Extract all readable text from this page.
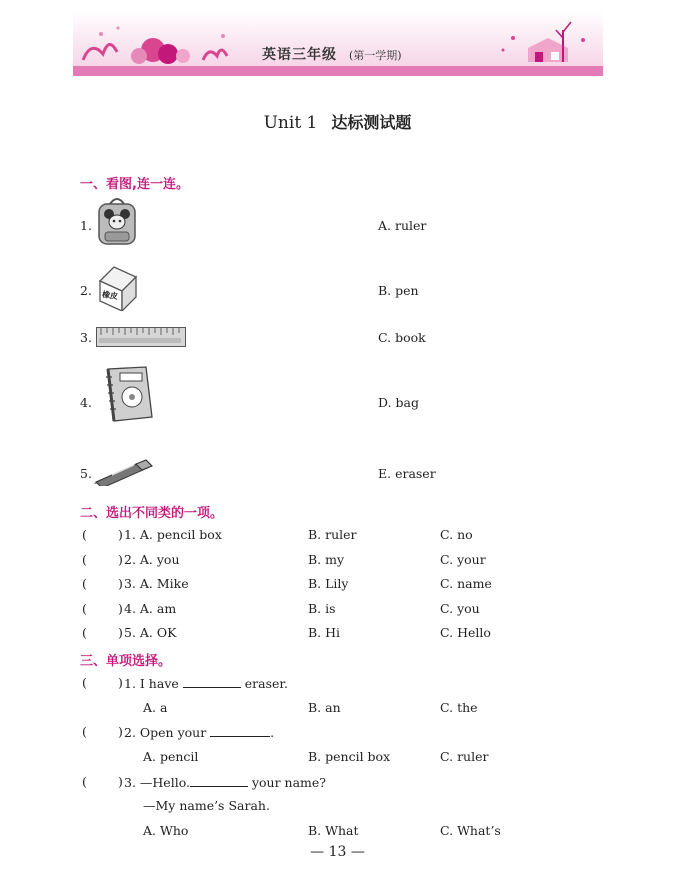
英语三年级 (第一学期)
Unit 1 达标测试题
一、看图,连一连。
1.	A. ruler
2. 橡皮	B. pen
3.	C. book
4.	D. bag
5.	E. eraser
二、选出不同类的一项。
( ) 1. A. pencil box	B. ruler	C. no
( ) 2. A. you	B. my	C. your
( ) 3. A. Mike	B. Lily	C. name
( ) 4. A. am	B. is	C. you
( ) 5. A. OK	B. Hi	C. Hello
三、单项选择。
( ) 1. I have	eraser.
A. a	B. an	C. the
( ) 2. Open your	.
A. pencil	B. pencil box	C. ruler
( ) 3. —Hello.	your name?
—My name’s Sarah.
A. Who	B. What	C. What’s
— 13 —
